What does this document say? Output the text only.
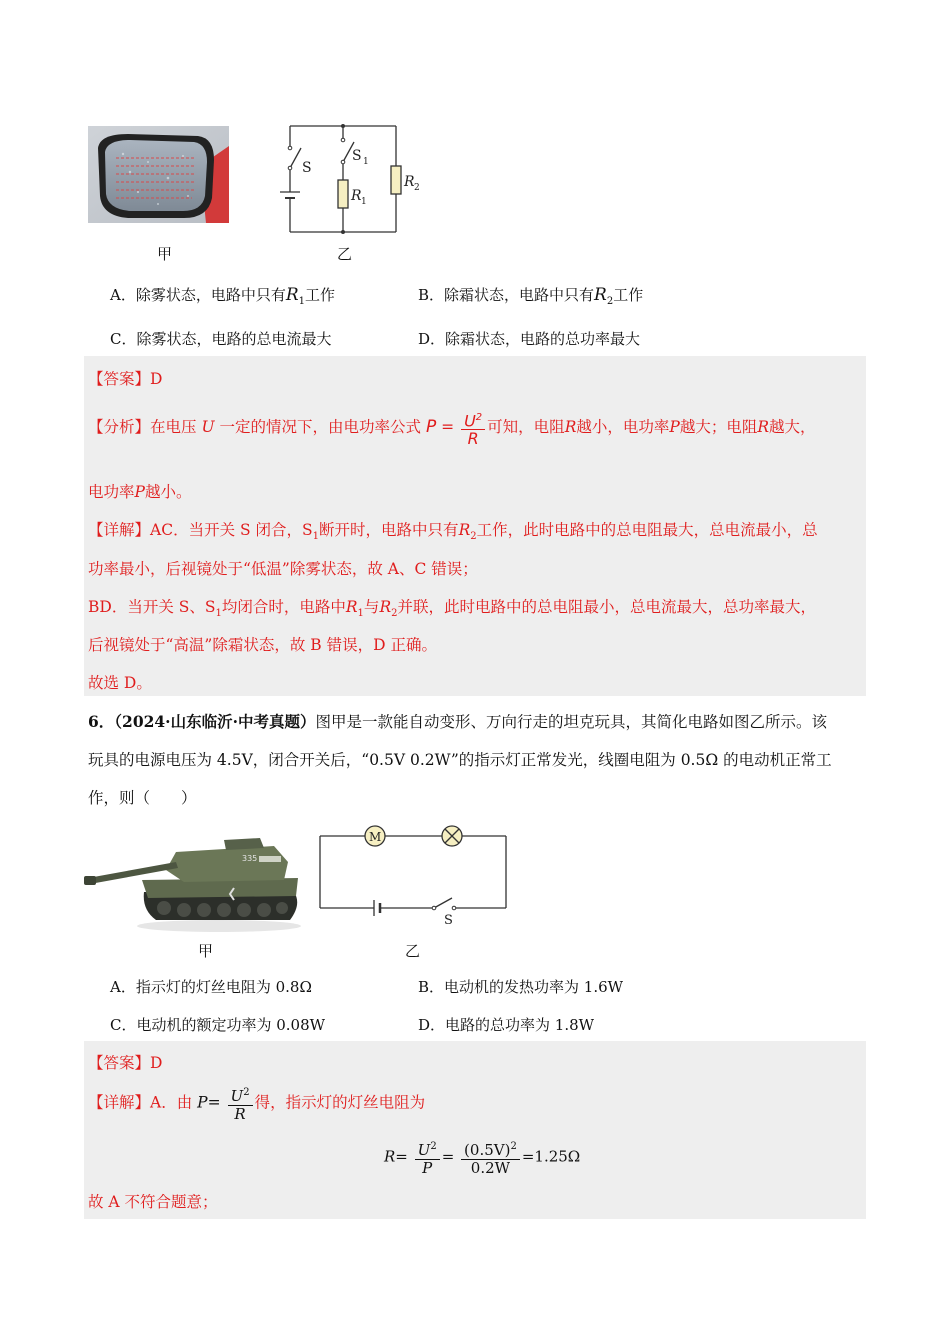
甲
S
S 1
R 1
R 2
乙
A．除雾状态，电路中只有$R_1$工作	B．除霜状态，电路中只有$R_2$工作
C．除雾状态，电路的总电流最大	D．除霜状态，电路的总功率最大
【答案】D
【分析】在电压 U 一定的情况下，由电功率公式 $P = \frac{U^2}{R}$ 可知，电阻R越小，电功率P越大；电阻R越大，
电功率P越小。
【详解】AC．当开关 S 闭合，$S_1$断开时，电路中只有$R_2$工作，此时电路中的总电阻最大，总电流最小，总
功率最小，后视镜处于“低温”除雾状态，故 A、C 错误；
BD．当开关 S、$S_1$均闭合时，电路中$R_1$与$R_2$并联，此时电路中的总电阻最小，总电流最大，总功率最大，
后视镜处于“高温”除霜状态，故 B 错误，D 正确。
故选 D。
6．（2024·山东临沂·中考真题）图甲是一款能自动变形、万向行走的坦克玩具，其简化电路如图乙所示。该
玩具的电源电压为 4.5V，闭合开关后，“0.5V 0.2W”的指示灯正常发光，线圈电阻为 0.5Ω 的电动机正常工
作，则（　　）
335
甲
M
S
乙
A．指示灯的灯丝电阻为 0.8Ω	B．电动机的发热功率为 1.6W
C．电动机的额定功率为 0.08W	D．电路的总功率为 1.8W
【答案】D
【详解】A．由 $P= \frac{U^2}{R}$ 得，指示灯的灯丝电阻为
$R= \frac{U^2}{P} = \frac{(0.5V)^2}{0.2W} =1.25\Omega$
故 A 不符合题意；
